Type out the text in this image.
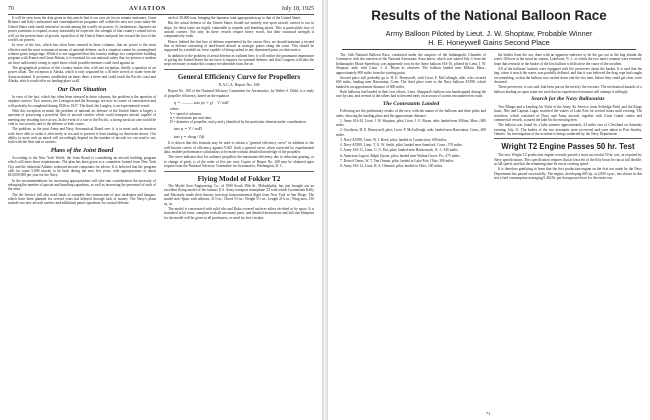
70	AVIATION	July 18, 1925

It will be seen from the data given in this article that if our own air forces remain stationary, Great Britain's and Italy's authorized and contemplated air programs will within the next two years make the United States rank fourth instead of second among the world's air powers. If, furthermore, Japanese air power continues to expand, as may reasonably be expected, the strength of that country's armed forces will, on the present basis of growth, equal that of the United States and push her toward the foot of the world's air powers.

In view of the fact, which has often been stressed in these columns, that air power is the most effective and the most economical means of national defense, such a situation cannot be contemplated without grave misgivings. While it is not suggested that this country indulge in a competitive building program with France and Great Britain, it is essential for our national safety that we possess a modern air force sufficiently strong to repel those which possible enemies could send against us.

The geographical position of this country makes this, with one exception, chiefly a question of air power afloat. The exception is Alaska, which is only separated by a 36 mile stretch of water from the Asian mainland. If an enemy established air bases there, a mere raid could reach the Pacific coast and Alaska, which would offer no landing-place at all.

Our Own Situation

In view of the fact, which has often been stressed in these columns, the problem is the question of airplane carriers. Two carriers, the Lexington and the Saratoga, are now in course of construction and will probably be completed during 1926 or 1927. The third, the Langley, is an experimental vessel.

With this exception in mind, the problem of national air defense of the United States is largely a question of possessing a powerful fleet of aircraft carriers which could transport aircraft capable of meeting any invading force at sea. In the event of a war in the Pacific, a strong naval air arm would be vital to our security and to the defense of both coasts.

The problem, as the joint Army and Navy Aeronautical Board sees it, is to meet such an invasion with force able to strike it effectively at sea and to prevent it from landing on American shores. Our ability to meet such an attack will accordingly depend on the number of aircraft we can send to sea, both with the fleet and in carriers.

Plans of the Joint Board

According to the New York World, the Joint Board is considering an aircraft building program which will meet these requirements. The plan has been given to a committee formed from New York City and the industrial Atlantic seaboard aircraft companies for advice. It is believed that the program calls for some 5,000 aircraft to be built during the next five years, with appropriations of about $10,000,000 per year for the Navy.

In the recommendations for increasing appropriations will take into consideration the necessity of enlarging the number of pursuit and bombing squadrons, as well as increasing the personnel of each of the arms.

The Air Service will also need funds to complete the construction of new airdromes and hangars, which have been planned for several years but delayed through lack of money. The Navy's plans include two new aircraft carriers and additional patrol squadrons for coastal defense.

each of 20,000 tons, bringing the Japanese total appropriation up to that of the United States.

But the actual defense of the United States should not entirely rest upon aircraft carried to sea in ships, for these latter are highly vulnerable to torpedo and bombing attack. This is particularly true of aircraft carriers. Not only do these vessels require heavy escort, but their structural strength is comparatively weak.

Hence, behind the first line of defense represented by the carrier fleet, we should maintain a second line of defense consisting of land-based aircraft at strategic points along the coast. This should be supported by a mobile air force capable of being rushed to any threatened point on short notice.

In addition to the problem of aerial defense as outlined here, it will realize the paramount importance of giving the United States the air force it requires for national defense, and that Congress will take the steps necessary to make this country invulnerable from the air.

General Efficiency Curve for Propellers
N.A.C.A. Report No. 168

Report No. 168 of the National Advisory Committee for Aeronautics, by Walter S. Diehl, is a study of propeller efficiency, based on the equation

η = ——— tan (φ + γ) V / πnD
where
V = speed of advance,
n = revolutions per unit time,
D = diameter of propeller, and φ and γ identified by the particular element under consideration.
tan φ = V / πnD
tan γ = drag / lift

It is shown that this formula may be used to obtain a "general efficiency curve" in addition to the well-known curves of efficiency against V/nD. Such a general curve, when corrected by experimental data, enables performance calculations to be made without detailed knowledge of the propeller.

The curve indicates that for ordinary propellers the maximum efficiency due to reduction gearing, or to change of pitch, is of the order of five per cent. Copies of Report No. 168 may be obtained upon request from the National Advisory Committee for Aeronautics, Washington, D. C.

Flying Model of Fokker T2

The Model Aero Engineering Co., of 1900 South 58th St., Philadelphia, has just brought out an excellent flying model of the famous U.S. Army transport monoplane T2 with which Lieutenants Kelly and Macready made their historic non-stop transcontinental flight from New York to San Diego. The model size: Span, with ailerons, 31½ in.; Chord 5½ in.; Weight 5½ oz.; Length 21¾ in.; Wing area, 150 sq. in.

The model is constructed with solid ribs and Balsa covered surfaces either air-dried or by spray. It is furnished in kit form, complete with all necessary parts, and detailed instructions and full size blueprint for the model will be given to all purchasers, or send for free circular.

Results of the National Balloon Race
Army Balloon Piloted by Lieut. J. W. Shoptaw, Probable Winner
H. E. Honeywell Gains Second Place

The 14th National Balloon Race, conducted under the auspices of the Indianapolis Chamber of Commerce with the sanction of the National Aeronautic Association, which was started July 4 from the Indianapolis Motor Speedway, was apparently won by the Army balloon S16-10, piloted by Lieut. J. W. Shoptaw, aide, with Lieut. J. G. Bryan as observer. The balloon landed near Milton, Mass., approximately 800 miles from the starting point.

Second place will probably go to H. E. Honeywell, with Lieut. F. McCullough, aide, who covered 650 miles, landing near Harwinton, Conn. The third place went to the Navy balloon A5598, which landed in an approximate distance of 600 miles.

Both balloons had landed in their first efforts. Lieut. Sheppard's balloon was handicapped during the race by rain, and several of the others had to descend early on account of storms encountered en route.

The Contestants Landed

Following are the preliminary results of the race, with the names of the balloons and their pilots and aides, showing the landing place and the approximate distance:

1. Army S16-10, Lieut. J. W. Shoptaw, pilot; Lieut. J. G. Bryan, aide; landed near Milton, Mass.; 800 miles.

2. Goodyear, H. E. Honeywell, pilot; Lieut. F. McCullough, aide; landed near Harwinton, Conn.; 650 miles.

3. Navy A5598, Lieut. W. J. Reed, pilot; landed in Connecticut; 600 miles.

4. Navy A5599, Lieut. T. G. W. Settle, pilot; landed near Stamford, Conn.; 570 miles.

5. Army S16-11, Lieut. U. G. Ent, pilot; landed near Hackensack, N. J.; 540 miles.

6. American Legion, Ralph Upson, pilot; landed near Walnut Grove, Pa.; 475 miles.

7. Detroit Times, W. T. Van Orman, pilot; landed at Lake Erie, Ohio; 300 miles.

8. Army S16-12, Lieut. R. S. Olmsted, pilot; landed in Ohio; 140 miles.

the bodies from the sea, done with an apparent endeavor to let the gas out so the bag shrunk the water. Officers at the naval air station, Lakehurst, N. J., to which the two men's remains were returned, hope that research in the basket of the lost balloon will disclose the cause of the accident.

All of the balloons' baskets were equipped with life preservers about the basket. It is said that the bag, when it struck the water, was partially deflated, and that it was believed the drag rope had caught on something, so that the balloon was carried down and the two men, before they could get clear, were drowned.

These preservers, it was said, had been put on the men by the rescuers. The mechanical hazards of a balloon landing on open water are such that no experienced aeronaut will attempt it willingly.

Search for the Navy Balloonists

Two Blimps and a Landing Air Yacht of the Army Air Service, from Selfridge Field, and the Kings boats, Nile and Captain Lugar, searched the waters of Lake Erie for several hours until evening. The searchers, which consisted of Navy and Army aircraft, together with Coast Guard cutters and commercial vessels, scoured the lake for the missing men.

The balloon was found by a lake steamer approximately 24 miles east of Cleveland on Saturday evening, July 11. The bodies of the two aeronauts were recovered and were taken to Port Stanley, Ontario. An investigation of the accident is being conducted by the Navy Department.

Wright T2 Engine Passes 50 hr. Test

The new Wright T2 production engine recently passed a most successful 50 hr. test, as required by Navy specifications. This specification requires that at least ten of the fifty hours be run at full throttle, at full speed, and that the remaining time be run at cruising speed.

It is therefore gratifying to learn that the first production engine on the first test made by the Navy Department has passed successfully. The engine, developing 685 hp. at 2,000 r.p.m., has shown in this test a fuel consumption averaging 0.462 lb. per horsepower-hour for the entire run.

71
